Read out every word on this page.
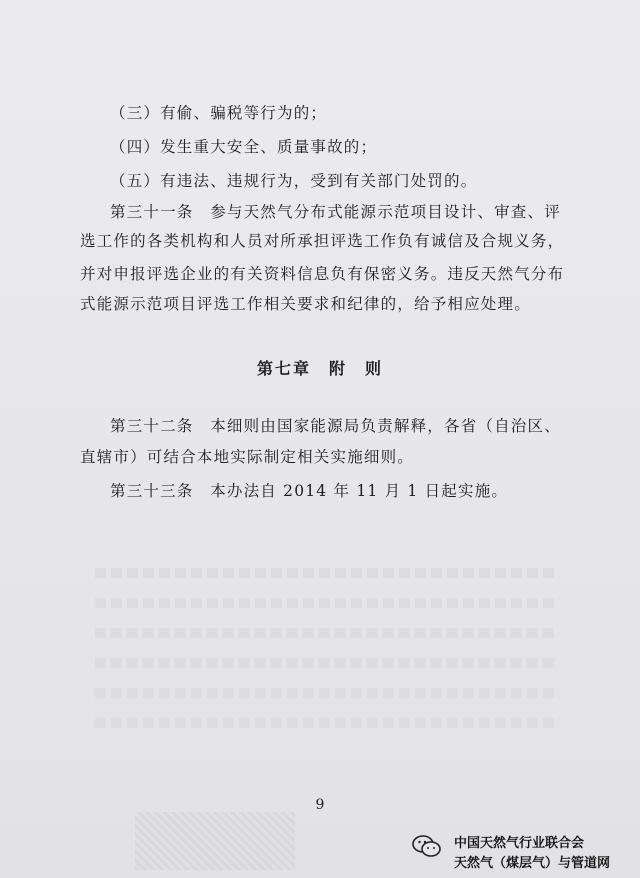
（三）有偷、骗税等行为的；
（四）发生重大安全、质量事故的；
（五）有违法、违规行为，受到有关部门处罚的。
第三十一条　参与天然气分布式能源示范项目设计、审查、评
选工作的各类机构和人员对所承担评选工作负有诚信及合规义务，
并对申报评选企业的有关资料信息负有保密义务。违反天然气分布
式能源示范项目评选工作相关要求和纪律的，给予相应处理。
第七章　附　则
第三十二条　本细则由国家能源局负责解释，各省（自治区、
直辖市）可结合本地实际制定相关实施细则。
第三十三条　本办法自 2014 年 11 月 1 日起实施。
9
中国天然气行业联合会
天然气（煤层气）与管道网
